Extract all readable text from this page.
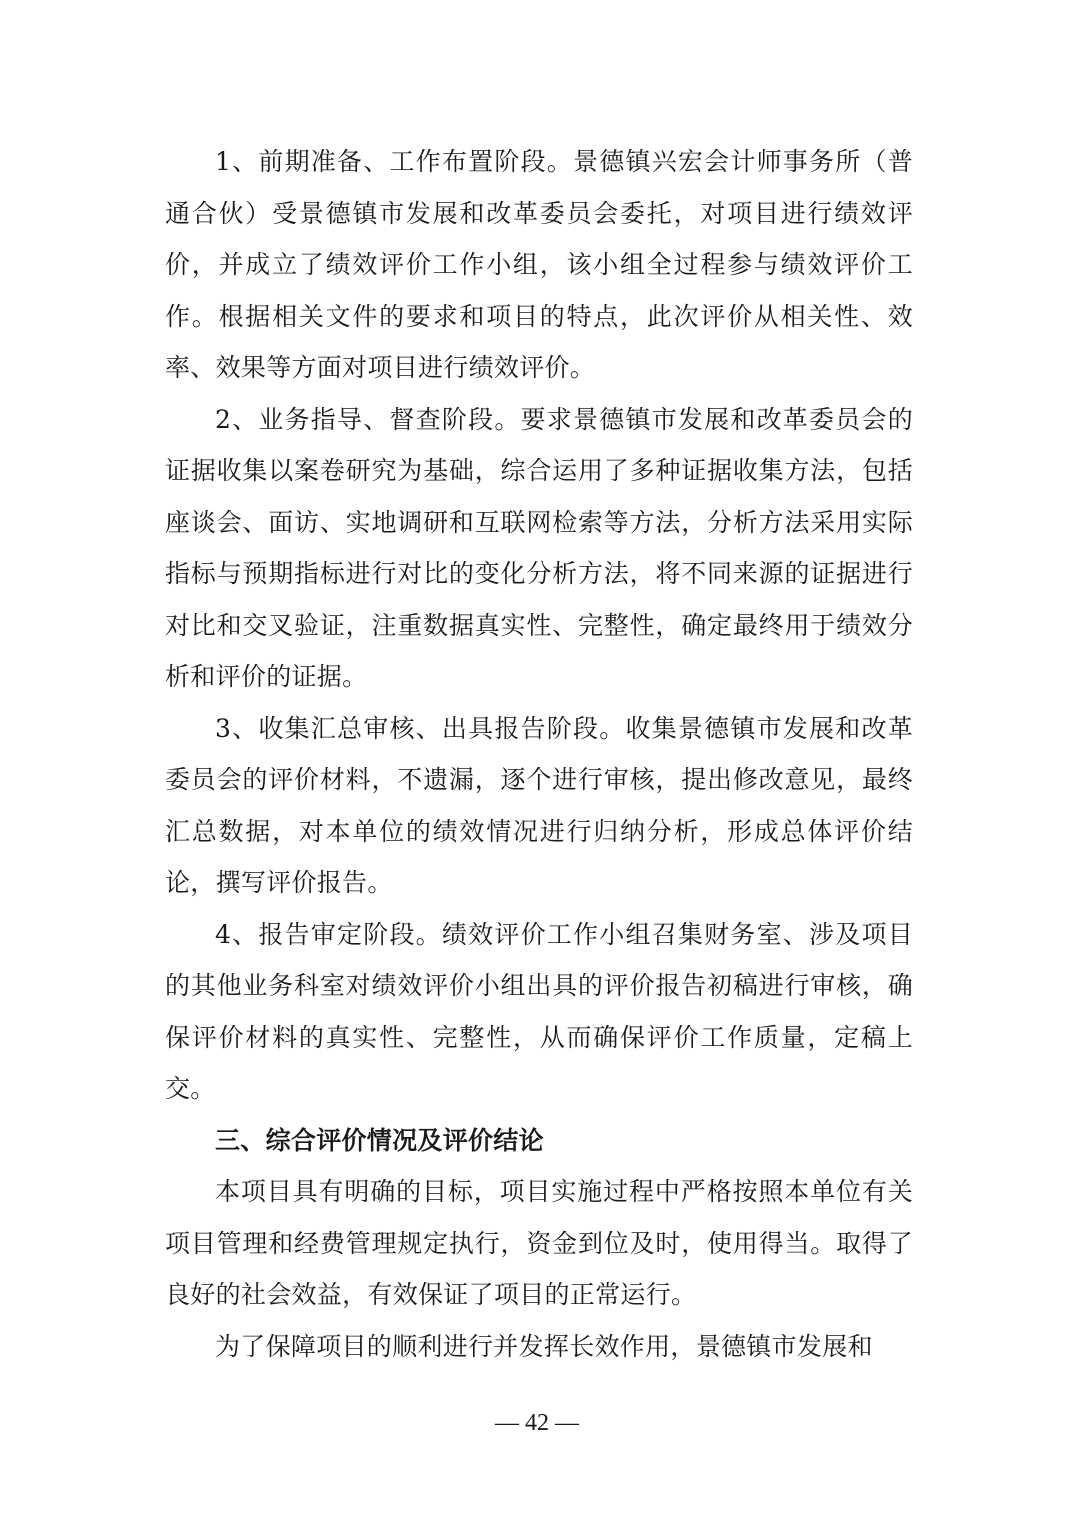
1、前期准备、工作布置阶段。景德镇兴宏会计师事务所（普通合伙）受景德镇市发展和改革委员会委托，对项目进行绩效评价，并成立了绩效评价工作小组，该小组全过程参与绩效评价工作。根据相关文件的要求和项目的特点，此次评价从相关性、效率、效果等方面对项目进行绩效评价。

2、业务指导、督查阶段。要求景德镇市发展和改革委员会的证据收集以案卷研究为基础，综合运用了多种证据收集方法，包括座谈会、面访、实地调研和互联网检索等方法，分析方法采用实际指标与预期指标进行对比的变化分析方法，将不同来源的证据进行对比和交叉验证，注重数据真实性、完整性，确定最终用于绩效分析和评价的证据。

3、收集汇总审核、出具报告阶段。收集景德镇市发展和改革委员会的评价材料，不遗漏，逐个进行审核，提出修改意见，最终汇总数据，对本单位的绩效情况进行归纳分析，形成总体评价结论，撰写评价报告。

4、报告审定阶段。绩效评价工作小组召集财务室、涉及项目的其他业务科室对绩效评价小组出具的评价报告初稿进行审核，确保评价材料的真实性、完整性，从而确保评价工作质量，定稿上交。

三、综合评价情况及评价结论

本项目具有明确的目标，项目实施过程中严格按照本单位有关项目管理和经费管理规定执行，资金到位及时，使用得当。取得了良好的社会效益，有效保证了项目的正常运行。

为了保障项目的顺利进行并发挥长效作用，景德镇市发展和

— 42 —
